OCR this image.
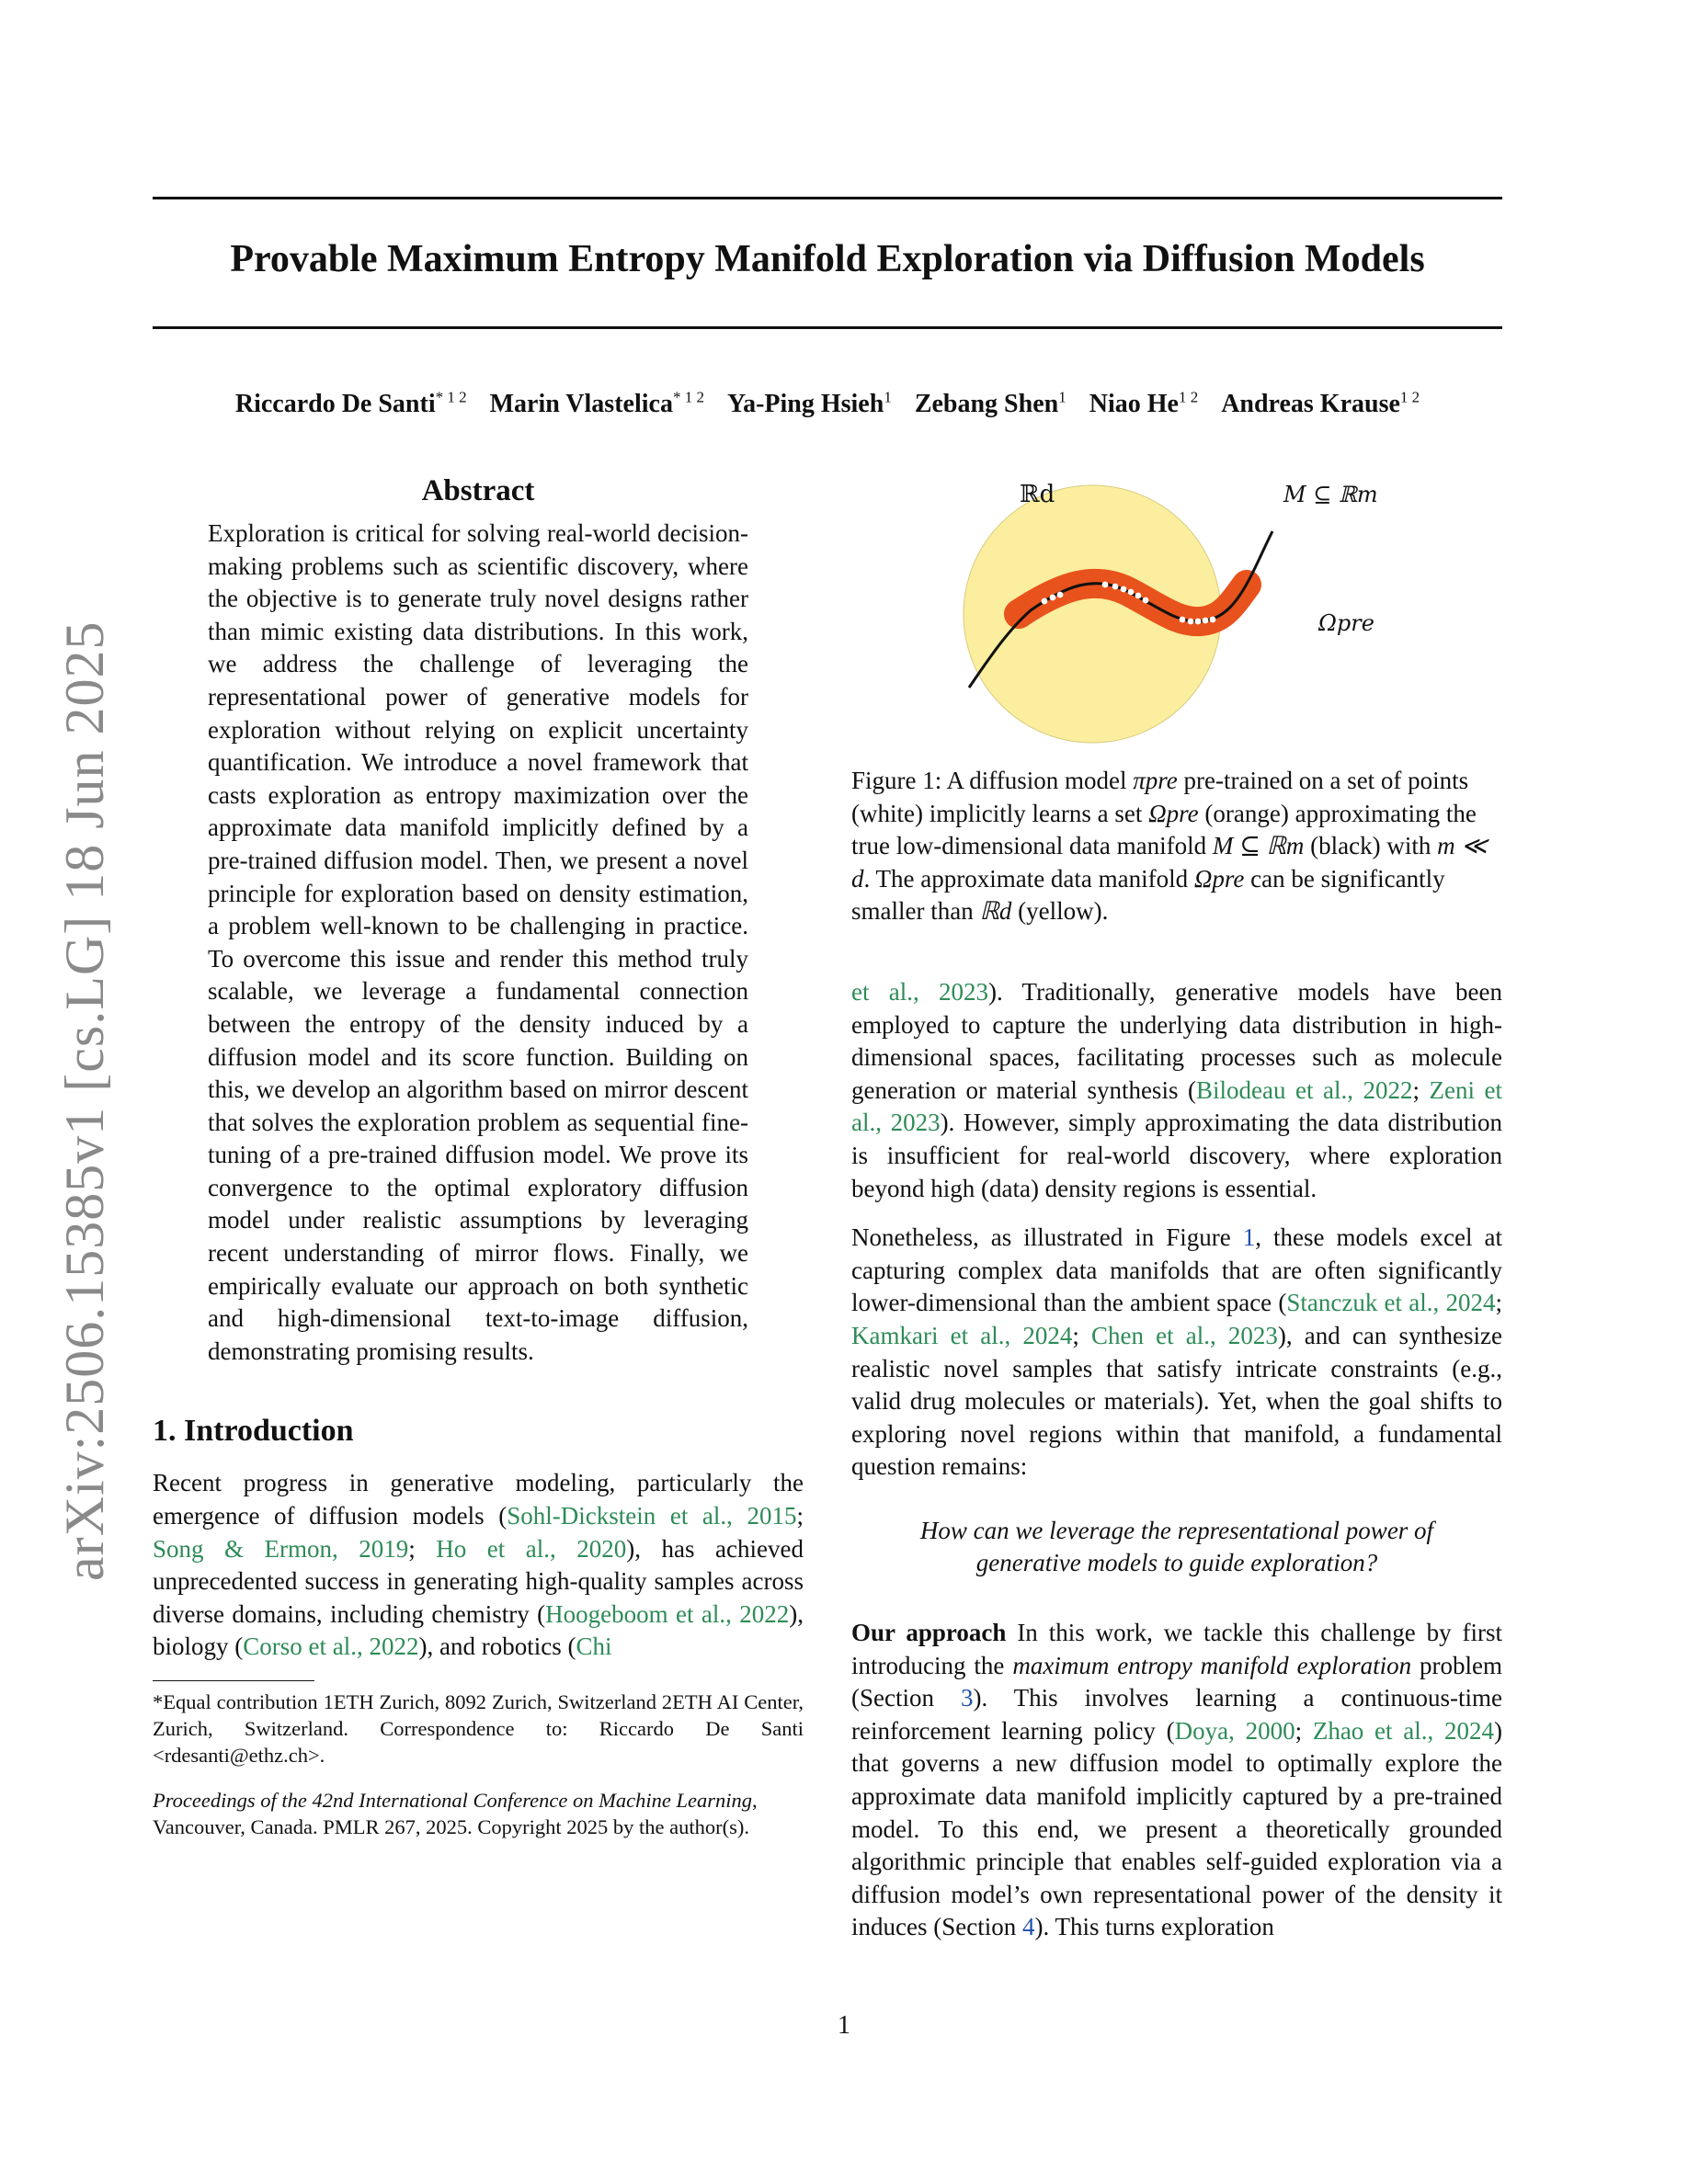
arXiv:2506.15385v1 [cs.LG] 18 Jun 2025
Provable Maximum Entropy Manifold Exploration via Diffusion Models
Riccardo De Santi$^{* 1 2}$ Marin Vlastelica$^{* 1 2}$ Ya-Ping Hsieh$^1$ Zebang Shen$^1$ Niao $He^{1 2}$ Andreas Krause$^{1 2}$
Abstract

Exploration is critical for solving real-world decision-making problems such as scientific discovery, where the objective is to generate truly novel designs rather than mimic existing data distributions. In this work, we address the challenge of leveraging the representational power of generative models for exploration without relying on explicit uncertainty quantification. We introduce a novel framework that casts exploration as entropy maximization over the approximate data manifold implicitly defined by a pre-trained diffusion model. Then, we present a novel principle for exploration based on density estimation, a problem well-known to be challenging in practice. To overcome this issue and render this method truly scalable, we leverage a fundamental connection between the entropy of the density induced by a diffusion model and its score function. Building on this, we develop an algorithm based on mirror descent that solves the exploration problem as sequential fine-tuning of a pre-trained diffusion model. We prove its convergence to the optimal exploratory diffusion model under realistic assumptions by leveraging recent understanding of mirror flows. Finally, we empirically evaluate our approach on both synthetic and high-dimensional text-to-image diffusion, demonstrating promising results.

1. Introduction

Recent progress in generative modeling, particularly the emergence of diffusion models (Sohl-Dickstein et al., 2015; Song & Ermon, 2019; Ho et al., 2020), has achieved unprecedented success in generating high-quality samples across diverse domains, including chemistry (Hoogeboom et al., 2022), biology (Corso et al., 2022), and robotics (Chi

*Equal contribution 1ETH Zurich, 8092 Zurich, Switzerland 2ETH AI Center, Zurich, Switzerland. Correspondence to: Riccardo De Santi <rdesanti@ethz.ch>.

Proceedings of the 42nd International Conference on Machine Learning, Vancouver, Canada. PMLR 267, 2025. Copyright 2025 by the author(s).

ℝd	M ⊆ ℝm
Ωpre

Figure 1: A diffusion model πpre pre-trained on a set of points (white) implicitly learns a set Ωpre (orange) approximating the true low-dimensional data manifold M ⊆ ℝm (black) with m ≪ d. The approximate data manifold Ωpre can be significantly smaller than ℝd (yellow).

et al., 2023). Traditionally, generative models have been employed to capture the underlying data distribution in high-dimensional spaces, facilitating processes such as molecule generation or material synthesis (Bilodeau et al., 2022; Zeni et al., 2023). However, simply approximating the data distribution is insufficient for real-world discovery, where exploration beyond high (data) density regions is essential.

Nonetheless, as illustrated in Figure 1, these models excel at capturing complex data manifolds that are often significantly lower-dimensional than the ambient space (Stanczuk et al., 2024; Kamkari et al., 2024; Chen et al., 2023), and can synthesize realistic novel samples that satisfy intricate constraints (e.g., valid drug molecules or materials). Yet, when the goal shifts to exploring novel regions within that manifold, a fundamental question remains:

How can we leverage the representational power of generative models to guide exploration?

Our approach In this work, we tackle this challenge by first introducing the maximum entropy manifold exploration problem (Section 3). This involves learning a continuous-time reinforcement learning policy (Doya, 2000; Zhao et al., 2024) that governs a new diffusion model to optimally explore the approximate data manifold implicitly captured by a pre-trained model. To this end, we present a theoretically grounded algorithmic principle that enables self-guided exploration via a diffusion model’s own representational power of the density it induces (Section 4). This turns exploration

1
